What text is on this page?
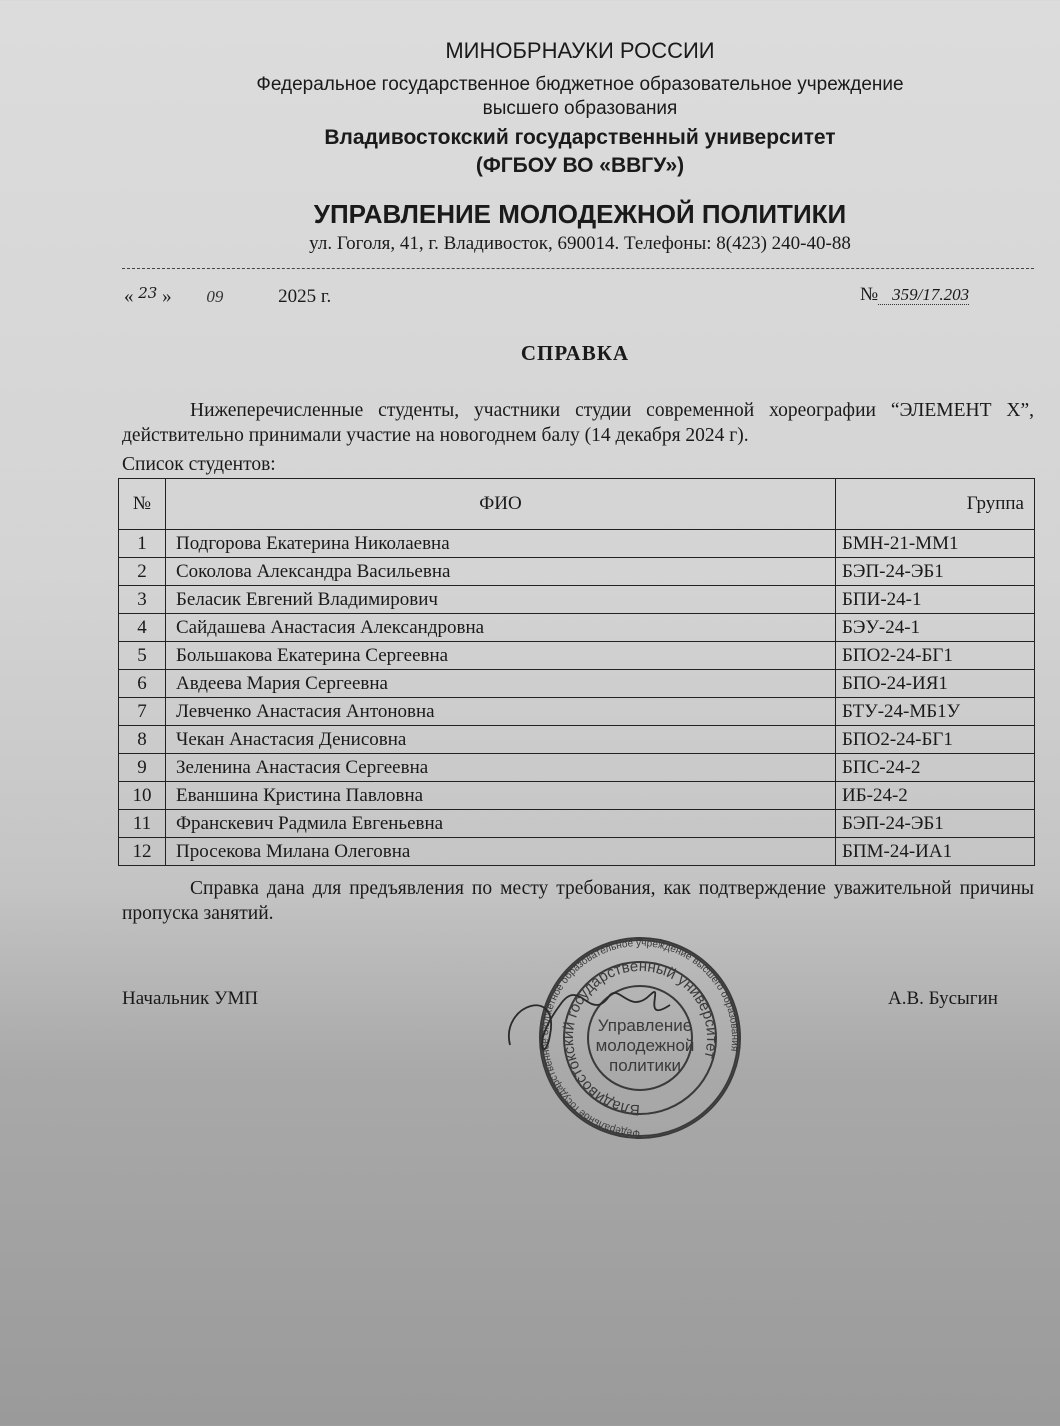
МИНОБРНАУКИ РОССИИ
Федеральное государственное бюджетное образовательное учреждение
высшего образования
Владивостокский государственный университет
(ФГБОУ ВО «ВВГУ»)
УПРАВЛЕНИЕ МОЛОДЕЖНОЙ ПОЛИТИКИ
ул. Гоголя, 41, г. Владивосток, 690014. Телефоны: 8(423) 240-40-88
« $^{23}$ » 09	2025 г.	№ 359/17.203
СПРАВКА
Нижеперечисленные студенты, участники студии современной хореографии “ЭЛЕМЕНТ X”, действительно принимали участие на новогоднем балу (14 декабря 2024 г).
Список студентов:
№	ФИО	Группа
1	Подгорова Екатерина Николаевна	БМН-21-ММ1
2	Соколова Александра Васильевна	БЭП-24-ЭБ1
3	Беласик Евгений Владимирович	БПИ-24-1
4	Сайдашева Анастасия Александровна	БЭУ-24-1
5	Большакова Екатерина Сергеевна	БПО2-24-БГ1
6	Авдеева Мария Сергеевна	БПО-24-ИЯ1
7	Левченко Анастасия Антоновна	БТУ-24-МБ1У
8	Чекан Анастасия Денисовна	БПО2-24-БГ1
9	Зеленина Анастасия Сергеевна	БПС-24-2
10	Еваншина Кристина Павловна	ИБ-24-2
11	Франскевич Радмила Евгеньевна	БЭП-24-ЭБ1
12	Просекова Милана Олеговна	БПМ-24-ИА1
Справка дана для предъявления по месту требования, как подтверждение уважительной причины пропуска занятий.
Начальник УМП	А.В. Бусыгин
Федеральное государственное бюджетное образовательное учреждение высшего образования
Владивостокский государственный университет
Управление
молодежной
политики
